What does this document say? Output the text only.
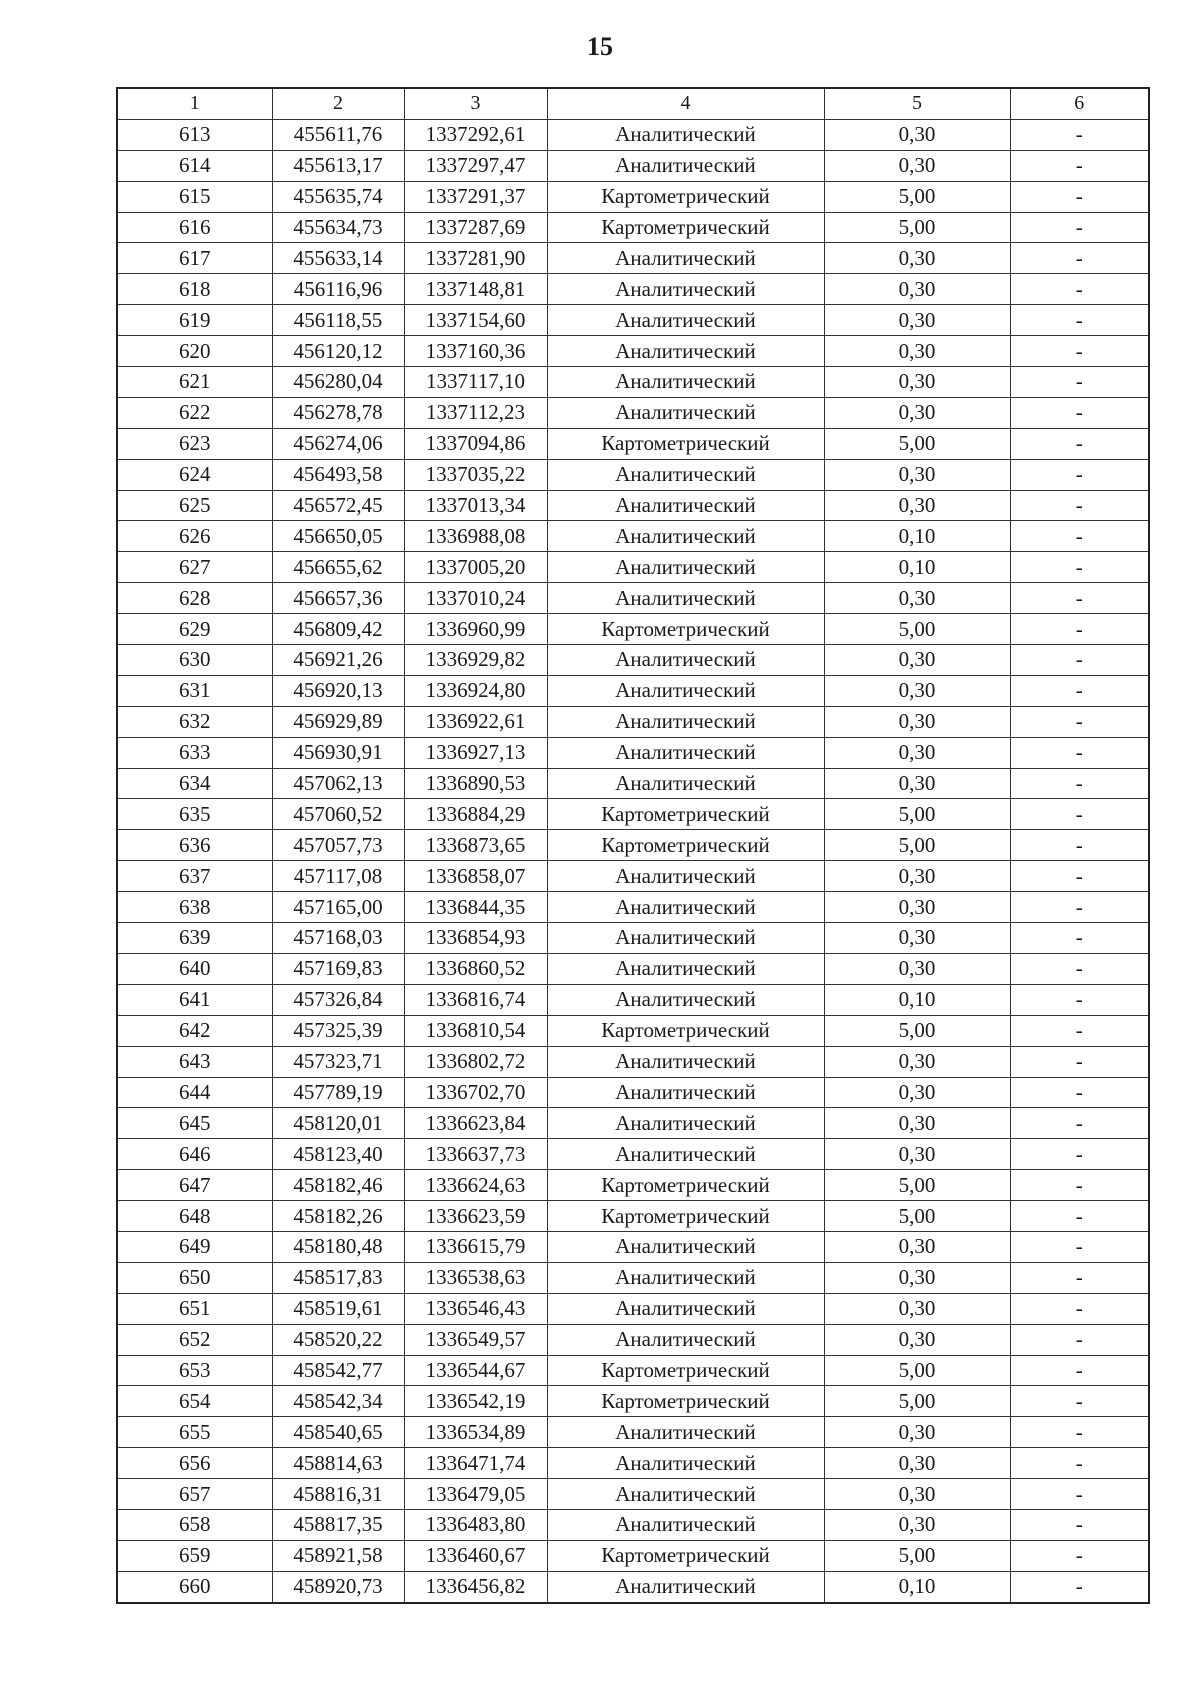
15
1	2	3	4	5	6
613	455611,76	1337292,61	Аналитический	0,30	-
614	455613,17	1337297,47	Аналитический	0,30	-
615	455635,74	1337291,37	Картометрический	5,00	-
616	455634,73	1337287,69	Картометрический	5,00	-
617	455633,14	1337281,90	Аналитический	0,30	-
618	456116,96	1337148,81	Аналитический	0,30	-
619	456118,55	1337154,60	Аналитический	0,30	-
620	456120,12	1337160,36	Аналитический	0,30	-
621	456280,04	1337117,10	Аналитический	0,30	-
622	456278,78	1337112,23	Аналитический	0,30	-
623	456274,06	1337094,86	Картометрический	5,00	-
624	456493,58	1337035,22	Аналитический	0,30	-
625	456572,45	1337013,34	Аналитический	0,30	-
626	456650,05	1336988,08	Аналитический	0,10	-
627	456655,62	1337005,20	Аналитический	0,10	-
628	456657,36	1337010,24	Аналитический	0,30	-
629	456809,42	1336960,99	Картометрический	5,00	-
630	456921,26	1336929,82	Аналитический	0,30	-
631	456920,13	1336924,80	Аналитический	0,30	-
632	456929,89	1336922,61	Аналитический	0,30	-
633	456930,91	1336927,13	Аналитический	0,30	-
634	457062,13	1336890,53	Аналитический	0,30	-
635	457060,52	1336884,29	Картометрический	5,00	-
636	457057,73	1336873,65	Картометрический	5,00	-
637	457117,08	1336858,07	Аналитический	0,30	-
638	457165,00	1336844,35	Аналитический	0,30	-
639	457168,03	1336854,93	Аналитический	0,30	-
640	457169,83	1336860,52	Аналитический	0,30	-
641	457326,84	1336816,74	Аналитический	0,10	-
642	457325,39	1336810,54	Картометрический	5,00	-
643	457323,71	1336802,72	Аналитический	0,30	-
644	457789,19	1336702,70	Аналитический	0,30	-
645	458120,01	1336623,84	Аналитический	0,30	-
646	458123,40	1336637,73	Аналитический	0,30	-
647	458182,46	1336624,63	Картометрический	5,00	-
648	458182,26	1336623,59	Картометрический	5,00	-
649	458180,48	1336615,79	Аналитический	0,30	-
650	458517,83	1336538,63	Аналитический	0,30	-
651	458519,61	1336546,43	Аналитический	0,30	-
652	458520,22	1336549,57	Аналитический	0,30	-
653	458542,77	1336544,67	Картометрический	5,00	-
654	458542,34	1336542,19	Картометрический	5,00	-
655	458540,65	1336534,89	Аналитический	0,30	-
656	458814,63	1336471,74	Аналитический	0,30	-
657	458816,31	1336479,05	Аналитический	0,30	-
658	458817,35	1336483,80	Аналитический	0,30	-
659	458921,58	1336460,67	Картометрический	5,00	-
660	458920,73	1336456,82	Аналитический	0,10	-
